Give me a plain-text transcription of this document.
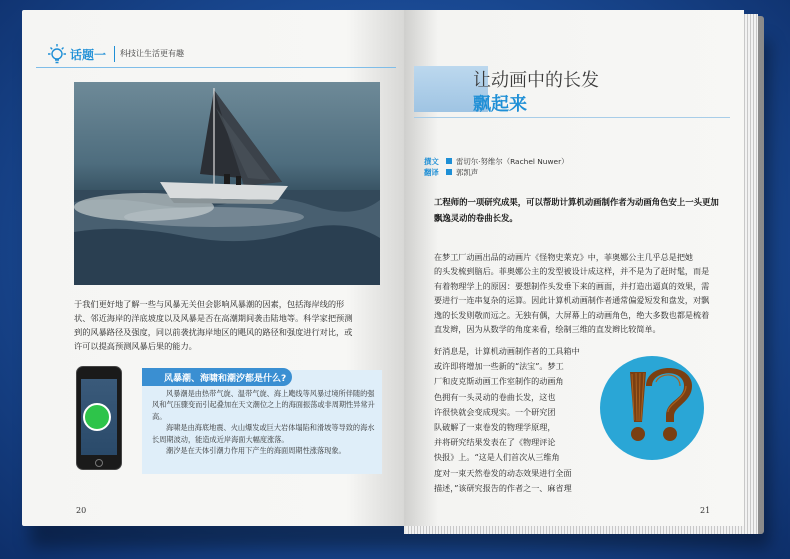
话题一 科技让生活更有趣
于我们更好地了解一些与风暴无关但会影响风暴潮的因素，包括海岸线的形
状、邻近海岸的洋底坡度以及风暴是否在高潮期间袭击陆地等。科学家把预测
到的风暴路径及强度，同以前袭扰海岸地区的飓风的路径和强度进行对比，或
许可以提高预测风暴后果的能力。
风暴潮、海啸和潮汐都是什么?

风暴潮是由热带气旋、温带气旋、海上飑线等风暴过境所伴随的强风和气压骤变而引起叠加在天文潮位之上的海面振荡或非周期性异常升高。

海啸是由海底地震、火山爆发或巨大岩体塌陷和滑坡等导致的海水长周期波动，能造成近岸海面大幅度涨落。

潮汐是在天体引潮力作用下产生的海面周期性涨落现象。

20
让动画中的长发
飘起来
撰文 雷切尔·努维尔（Rachel Nuwer）
翻译 郭凯声
工程师的一项研究成果，可以帮助计算机动画制作者为动画角色安上一头更加飘逸灵动的卷曲长发。
在梦工厂动画出品的动画片《怪物史莱克》中，菲奥娜公主几乎总是把她
的头发梳到脑后。菲奥娜公主的发型被设计成这样，并不是为了赶时髦，而是
有着物理学上的原因：要想制作头发垂下来的画面，并打造出逼真的效果，需
要进行一连串复杂的运算。因此计算机动画制作者通常偏爱短发和盘发，对飘
逸的长发则敬而远之。无独有偶，大屏幕上的动画角色，绝大多数也都是梳着
直发辫，因为从数学的角度来看，绘制三维的直发辫比较简单。
好消息是，计算机动画制作者的工具箱中
或许即将增加一些新的“法宝”。梦工
厂和皮克斯动画工作室制作的动画角
色拥有一头灵动的卷曲长发，这也
许很快就会变成现实。一个研究团
队破解了一束卷发的物理学原理，
并将研究结果发表在了《物理评论
快报》上。“这是人们首次从三维角
度对一束天然卷发的动态效果进行全面
描述，”该研究报告的作者之一、麻省理
21
